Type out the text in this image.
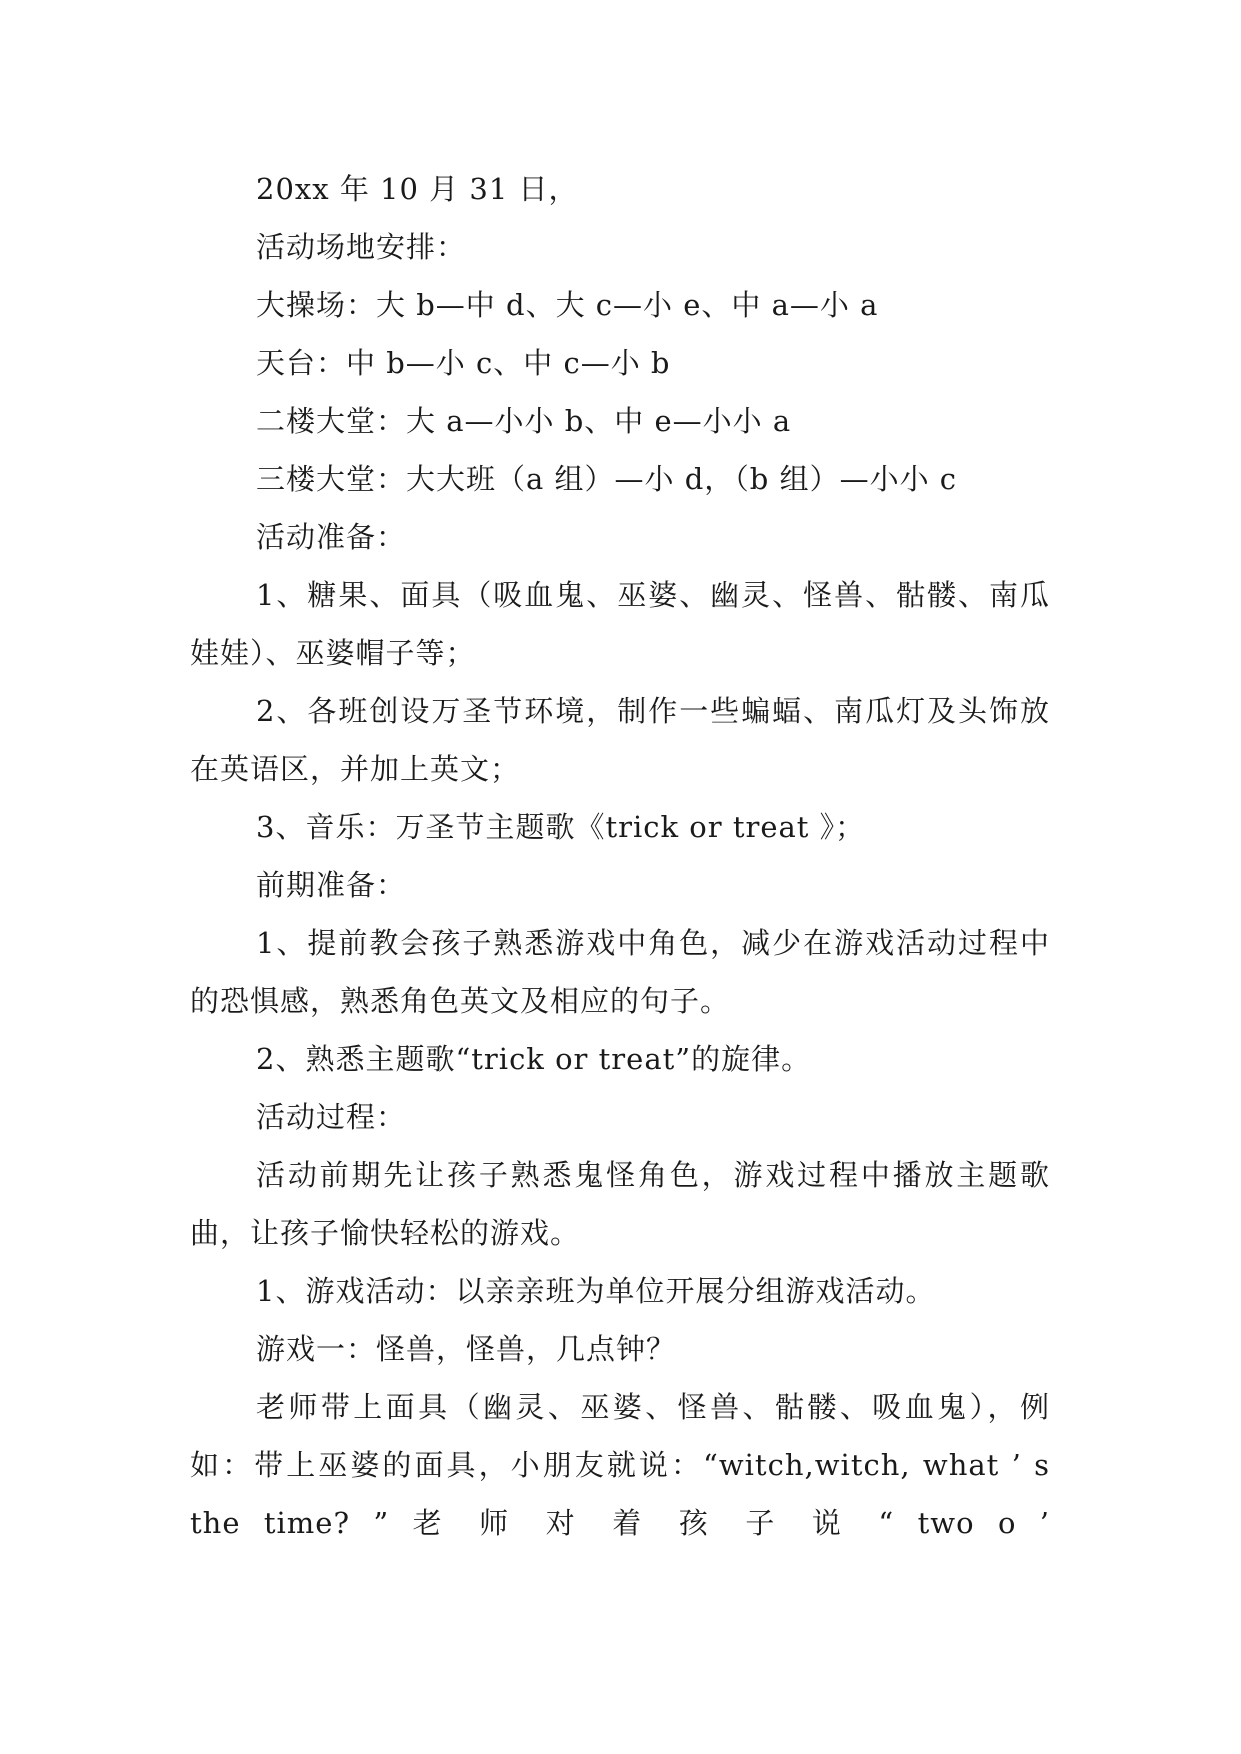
20xx 年 10 月 31 日，

活动场地安排：

大操场：大 b—中 d、大 c—小 e、中 a—小 a

天台：中 b—小 c、中 c—小 b

二楼大堂：大 a—小小 b、中 e—小小 a

三楼大堂：大大班（a 组）—小 d，（b 组）—小小 c

活动准备：

1、糖果、面具（吸血鬼、巫婆、幽灵、怪兽、骷髅、南瓜娃娃）、巫婆帽子等；

2、各班创设万圣节环境，制作一些蝙蝠、南瓜灯及头饰放在英语区，并加上英文；

3、音乐：万圣节主题歌《trick or treat 》；

前期准备：

1、提前教会孩子熟悉游戏中角色，减少在游戏活动过程中的恐惧感，熟悉角色英文及相应的句子。

2、熟悉主题歌“trick or treat”的旋律。

活动过程：

活动前期先让孩子熟悉鬼怪角色，游戏过程中播放主题歌曲，让孩子愉快轻松的游戏。

1、游戏活动：以亲亲班为单位开展分组游戏活动。

游戏一：怪兽，怪兽，几点钟？

老师带上面具（幽灵、巫婆、怪兽、骷髅、吸血鬼），例如：带上巫婆的面具，小朋友就说：“witch,witch, what ’ s the time? ” 老 师 对 着 孩 子 说 “ two o ’
